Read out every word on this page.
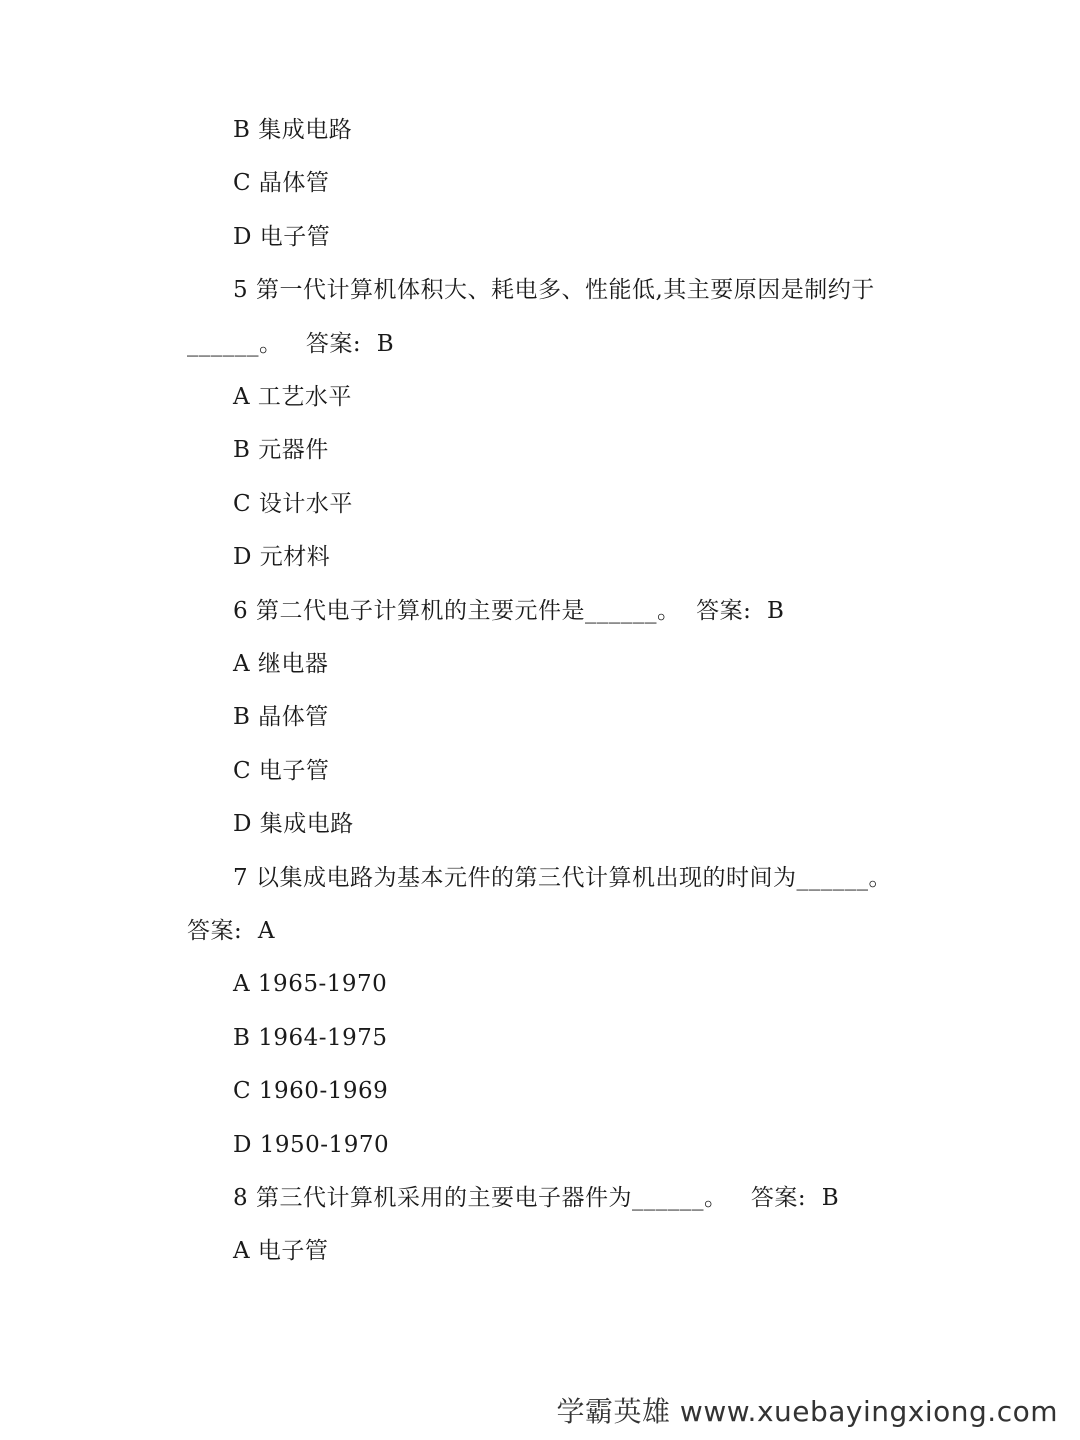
B 集成电路
C 晶体管
D 电子管
5 第一代计算机体积大、耗电多、性能低,其主要原因是制约于
______。   答案:  B
A 工艺水平
B 元器件
C 设计水平
D 元材料
6 第二代电子计算机的主要元件是______。  答案:  B
A 继电器
B 晶体管
C 电子管
D 集成电路
7 以集成电路为基本元件的第三代计算机出现的时间为______。
答案:  A
A 1965-1970
B 1964-1975
C 1960-1969
D 1950-1970
8 第三代计算机采用的主要电子器件为______。   答案:  B
A 电子管
学霸英雄 www.xuebayingxiong.com
